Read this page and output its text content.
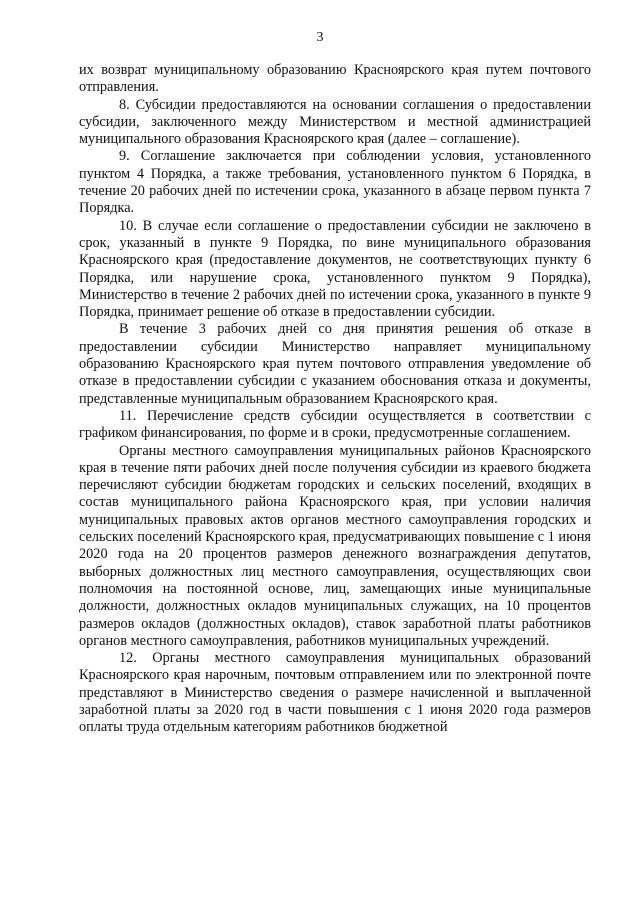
3

их возврат муниципальному образованию Красноярского края путем почтового отправления.

8. Субсидии предоставляются на основании соглашения о предоставлении субсидии, заключенного между Министерством и местной администрацией муниципального образования Красноярского края (далее – соглашение).

9. Соглашение заключается при соблюдении условия, установленного пунктом 4 Порядка, а также требования, установленного пунктом 6 Порядка, в течение 20 рабочих дней по истечении срока, указанного в абзаце первом пункта 7 Порядка.

10. В случае если соглашение о предоставлении субсидии не заключено в срок, указанный в пункте 9 Порядка, по вине муниципального образования Красноярского края (предоставление документов, не соответствующих пункту 6 Порядка, или нарушение срока, установленного пунктом 9 Порядка), Министерство в течение 2 рабочих дней по истечении срока, указанного в пункте 9 Порядка, принимает решение об отказе в предоставлении субсидии.

В течение 3 рабочих дней со дня принятия решения об отказе в предоставлении субсидии Министерство направляет муниципальному образованию Красноярского края путем почтового отправления уведомление об отказе в предоставлении субсидии с указанием обоснования отказа и документы, представленные муниципальным образованием Красноярского края.

11. Перечисление средств субсидии осуществляется в соответствии с графиком финансирования, по форме и в сроки, предусмотренные соглашением.

Органы местного самоуправления муниципальных районов Красноярского края в течение пяти рабочих дней после получения субсидии из краевого бюджета перечисляют субсидии бюджетам городских и сельских поселений, входящих в состав муниципального района Красноярского края, при условии наличия муниципальных правовых актов органов местного самоуправления городских и сельских поселений Красноярского края, предусматривающих повышение с 1 июня 2020 года на 20 процентов размеров денежного вознаграждения депутатов, выборных должностных лиц местного самоуправления, осуществляющих свои полномочия на постоянной основе, лиц, замещающих иные муниципальные должности, должностных окладов муниципальных служащих, на 10 процентов размеров окладов (должностных окладов), ставок заработной платы работников органов местного самоуправления, работников муниципальных учреждений.

12. Органы местного самоуправления муниципальных образований Красноярского края нарочным, почтовым отправлением или по электронной почте представляют в Министерство сведения о размере начисленной и выплаченной заработной платы за 2020 год в части повышения с 1 июня 2020 года размеров оплаты труда отдельным категориям работников бюджетной
